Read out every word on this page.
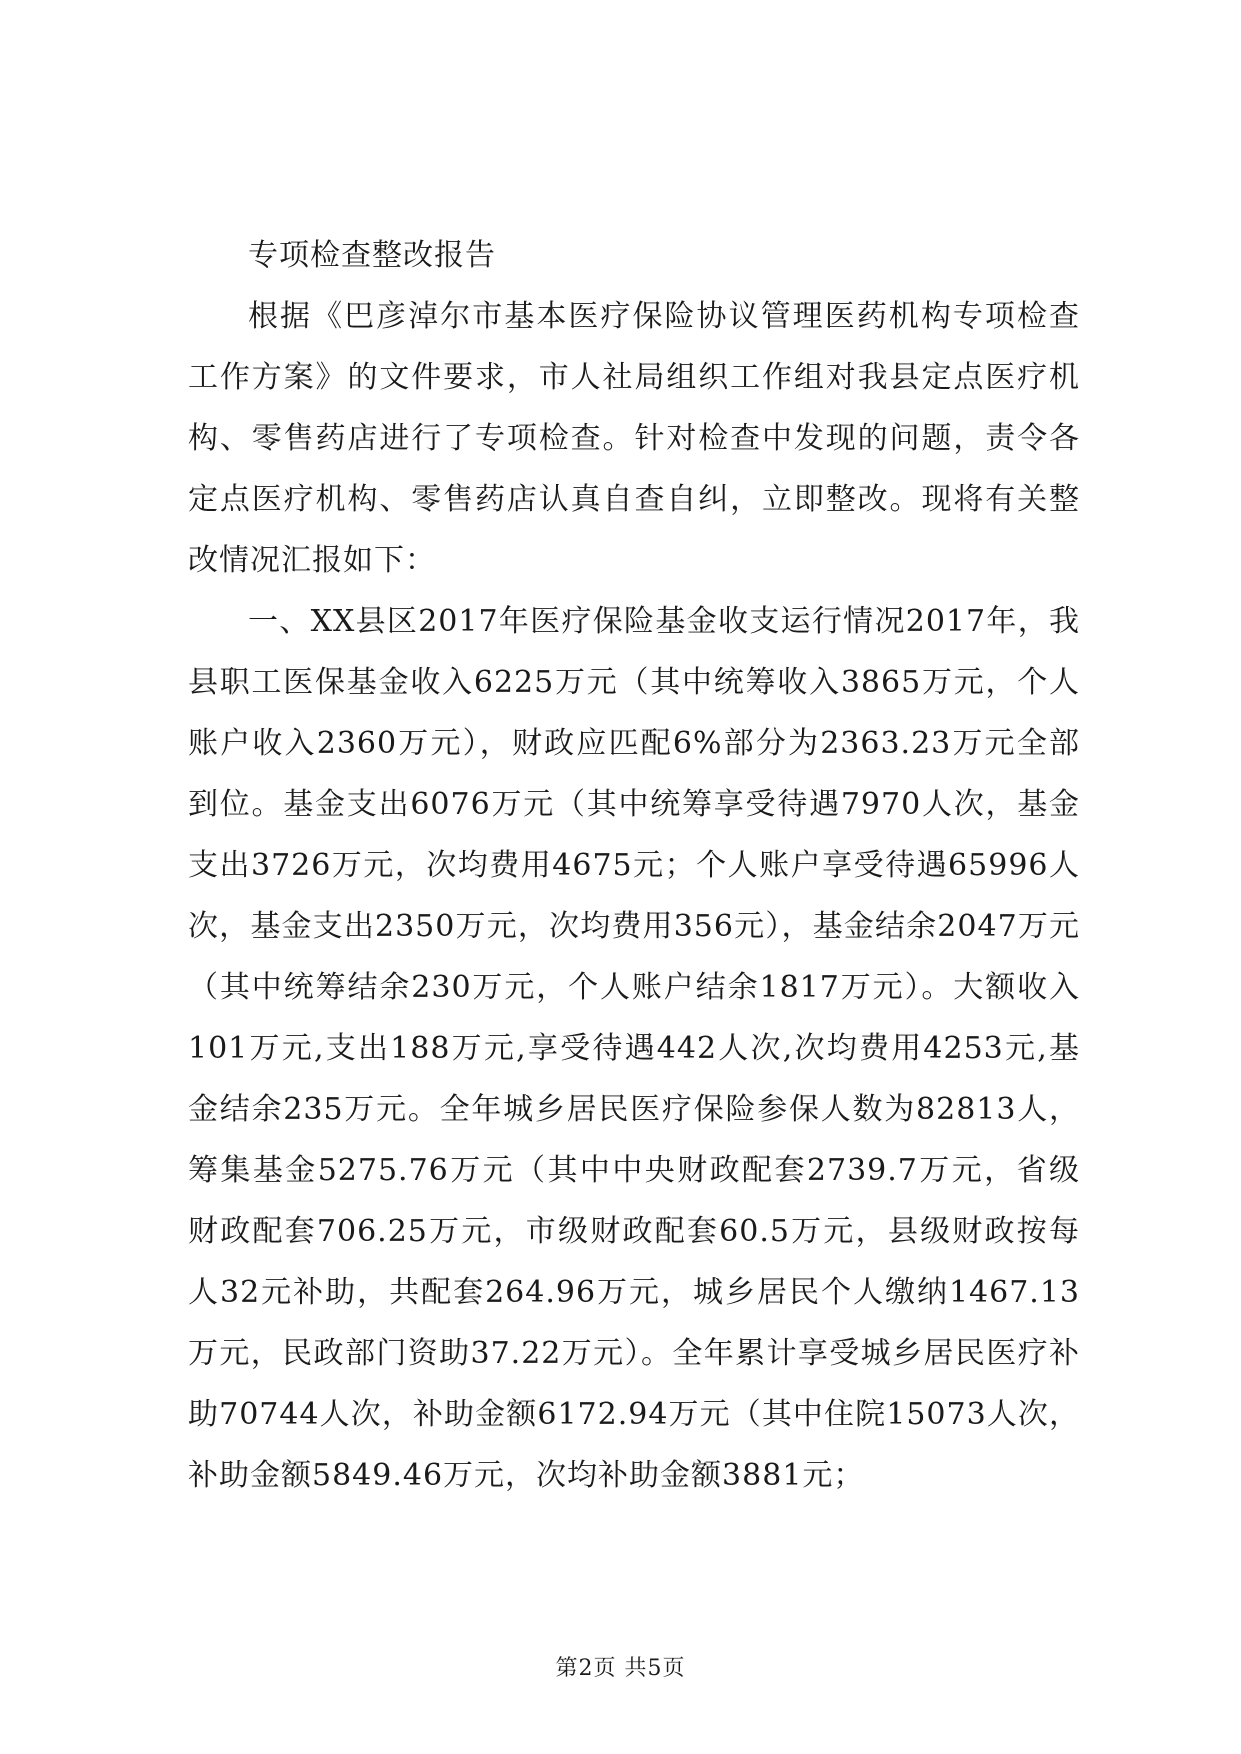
专项检查整改报告

根据《巴彦淖尔市基本医疗保险协议管理医药机构专项检查工作方案》的文件要求，市人社局组织工作组对我县定点医疗机构、零售药店进行了专项检查。针对检查中发现的问题，责令各定点医疗机构、零售药店认真自查自纠，立即整改。现将有关整改情况汇报如下：

一、XX县区2017年医疗保险基金收支运行情况2017年，我县职工医保基金收入6225万元（其中统筹收入3865万元，个人账户收入2360万元），财政应匹配6%部分为2363.23万元全部到位。基金支出6076万元（其中统筹享受待遇7970人次，基金支出3726万元，次均费用4675元；个人账户享受待遇65996人次，基金支出2350万元，次均费用356元），基金结余2047万元（其中统筹结余230万元，个人账户结余1817万元）。大额收入101万元,支出188万元,享受待遇442人次,次均费用4253元,基金结余235万元。全年城乡居民医疗保险参保人数为82813人，筹集基金5275.76万元（其中中央财政配套2739.7万元，省级财政配套706.25万元，市级财政配套60.5万元，县级财政按每人32元补助，共配套264.96万元，城乡居民个人缴纳1467.13万元，民政部门资助37.22万元）。全年累计享受城乡居民医疗补助70744人次，补助金额6172.94万元（其中住院15073人次，补助金额5849.46万元，次均补助金额3881元；

第2页 共5页
